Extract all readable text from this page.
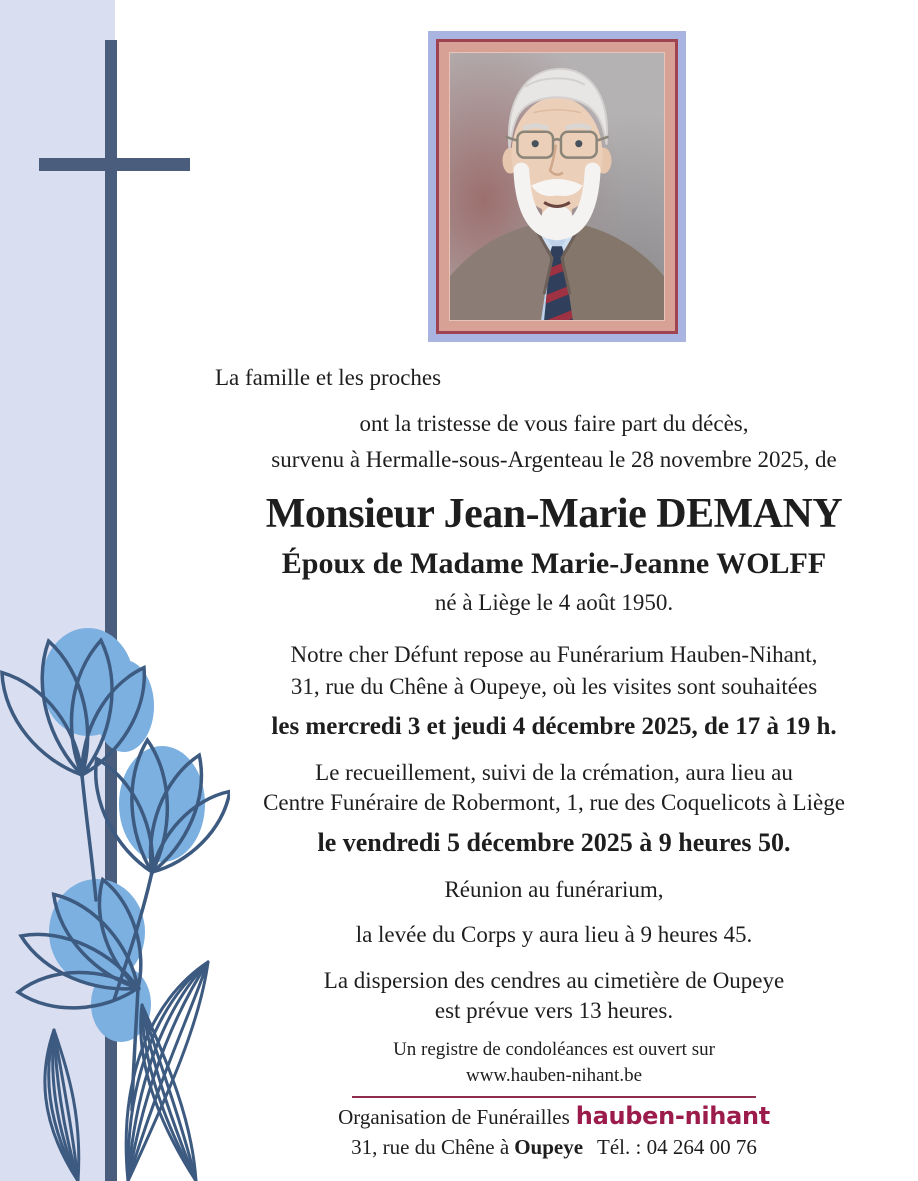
La famille et les proches

ont la tristesse de vous faire part du décès,

survenu à Hermalle-sous-Argenteau le 28 novembre 2025, de

Monsieur Jean-Marie DEMANY

Époux de Madame Marie-Jeanne WOLFF

né à Liège le 4 août 1950.

Notre cher Défunt repose au Funérarium Hauben-Nihant,

31, rue du Chêne à Oupeye, où les visites sont souhaitées

les mercredi 3 et jeudi 4 décembre 2025, de 17 à 19 h.

Le recueillement, suivi de la crémation, aura lieu au

Centre Funéraire de Robermont, 1, rue des Coquelicots à Liège

le vendredi 5 décembre 2025 à 9 heures 50.

Réunion au funérarium,

la levée du Corps y aura lieu à 9 heures 45.

La dispersion des cendres au cimetière de Oupeye

est prévue vers 13 heures.

Un registre de condoléances est ouvert sur

www.hauben-nihant.be

Organisation de Funérailles hauben-nihant

31, rue du Chêne à Oupeye Tél. : 04 264 00 76
